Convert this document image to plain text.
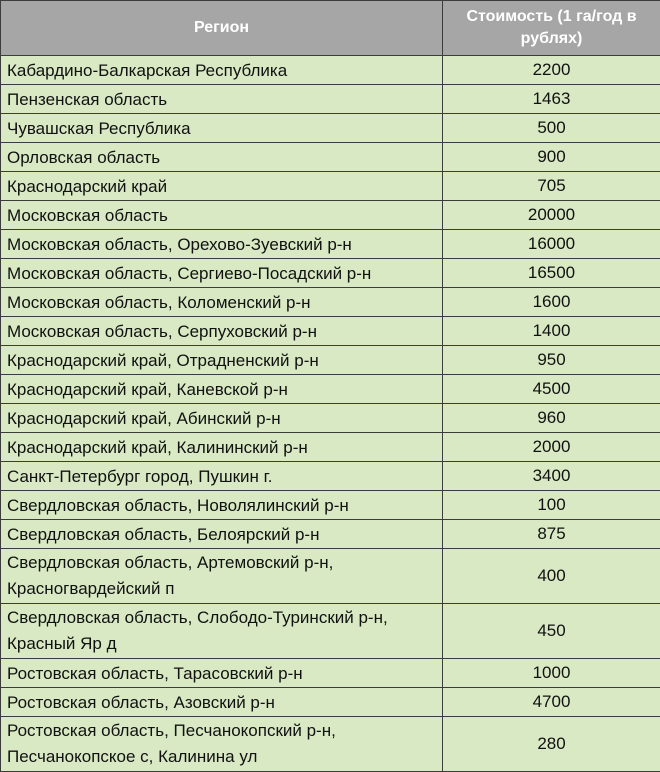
Регион	Стоимость (1 га/год в рублях)
Кабардино-Балкарская Республика	2200
Пензенская область	1463
Чувашская Республика	500
Орловская область	900
Краснодарский край	705
Московская область	20000
Московская область, Орехово-Зуевский р-н	16000
Московская область, Сергиево-Посадский р-н	16500
Московская область, Коломенский р-н	1600
Московская область, Серпуховский р-н	1400
Краснодарский край, Отрадненский р-н	950
Краснодарский край, Каневской р-н	4500
Краснодарский край, Абинский р-н	960
Краснодарский край, Калининский р-н	2000
Санкт-Петербург город, Пушкин г.	3400
Свердловская область, Новолялинский р-н	100
Свердловская область, Белоярский р-н	875
Свердловская область, Артемовский р-н, Красногвардейский п	400
Свердловская область, Слободо-Туринский р-н, Красный Яр д	450
Ростовская область, Тарасовский р-н	1000
Ростовская область, Азовский р-н	4700
Ростовская область, Песчанокопский р-н, Песчанокопское с, Калинина ул	280
